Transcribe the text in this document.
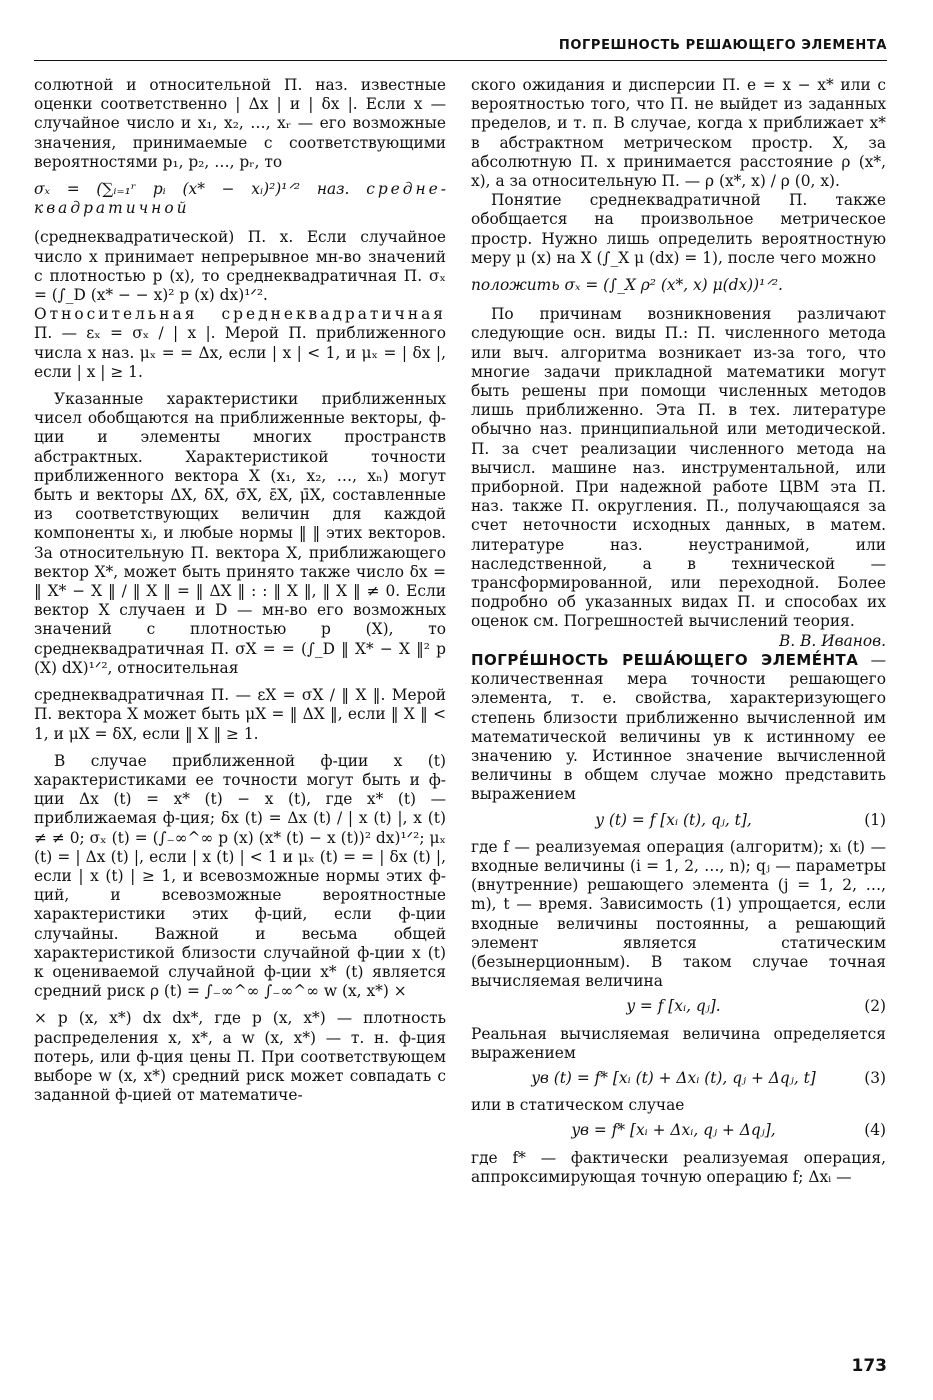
ПОГРЕШНОСТЬ РЕШАЮЩЕГО ЭЛЕМЕНТА

солютной и относительной П. наз. известные оценки соответственно | Δx | и | δx |. Если x — случайное число и x₁, x₂, …, xᵣ — его возможные значения, принимаемые с соответствующими вероятностями p₁, p₂, …, pᵣ, то

σₓ = (∑ᵢ₌₁ʳ pᵢ (x* − xᵢ)²)¹ᐟ² наз. среднеквадратичной

(среднеквадратической) П. x. Если случайное число x принимает непрерывное мн-во значений с плотностью p (x), то среднеквадратичная П. σₓ = (∫_D (x* − − x)² p (x) dx)¹ᐟ².

Относительная среднеквадратичная П. — εₓ = σₓ / | x |. Мерой П. приближенного числа x наз. μₓ = = Δx, если | x | < 1, и μₓ = | δx |, если | x | ≥ 1.

Указанные характеристики приближенных чисел обобщаются на приближенные векторы, ф-ции и элементы многих пространств абстрактных. Характеристикой точности приближенного вектора X (x₁, x₂, …, xₙ) могут быть и векторы ΔX, δX, σ̄X, ε̄X, μ̄X, составленные из соответствующих величин для каждой компоненты xᵢ, и любые нормы ‖ ‖ этих векторов. За относительную П. вектора X, приближающего вектор X*, может быть принято также число δx = ‖ X* − X ‖ / ‖ X ‖ = ‖ ΔX ‖ : : ‖ X ‖, ‖ X ‖ ≠ 0. Если вектор X случаен и D — мн-во его возможных значений с плотностью p (X), то среднеквадратичная П. σX = = (∫_D ‖ X* − X ‖² p (X) dX)¹ᐟ², относительная

среднеквадратичная П. — εX = σX / ‖ X ‖. Мерой П. вектора X может быть μX = ‖ ΔX ‖, если ‖ X ‖ < 1, и μX = δX, если ‖ X ‖ ≥ 1.

В случае приближенной ф-ции x (t) характеристиками ее точности могут быть и ф-ции Δx (t) = x* (t) − x (t), где x* (t) — приближаемая ф-ция; δx (t) = Δx (t) / | x (t) |, x (t) ≠ ≠ 0; σₓ (t) = (∫₋∞^∞ p (x) (x* (t) − x (t))² dx)¹ᐟ²; μₓ (t) = | Δx (t) |, если | x (t) | < 1 и μₓ (t) = = | δx (t) |, если | x (t) | ≥ 1, и всевозможные нормы этих ф-ций, и всевозможные вероятностные характеристики этих ф-ций, если ф-ции случайны. Важной и весьма общей характеристикой близости случайной ф-ции x (t) к оцениваемой случайной ф-ции x* (t) является средний риск ρ (t) = ∫₋∞^∞ ∫₋∞^∞ w (x, x*) ×

× p (x, x*) dx dx*, где p (x, x*) — плотность распределения x, x*, а w (x, x*) — т. н. ф-ция потерь, или ф-ция цены П. При соответствующем выборе w (x, x*) средний риск может совпадать с заданной ф-цией от математиче-

ского ожидания и дисперсии П. e = x − x* или с вероятностью того, что П. не выйдет из заданных пределов, и т. п. В случае, когда x приближает x* в абстрактном метрическом простр. X, за абсолютную П. x принимается расстояние ρ (x*, x), а за относительную П. — ρ (x*, x) / ρ (0, x).

Понятие среднеквадратичной П. также обобщается на произвольное метрическое простр. Нужно лишь определить вероятностную меру μ (x) на X (∫_X μ (dx) = 1), после чего можно

положить σₓ = (∫_X ρ² (x*, x) μ(dx))¹ᐟ².

По причинам возникновения различают следующие осн. виды П.: П. численного метода или выч. алгоритма возникает из-за того, что многие задачи прикладной математики могут быть решены при помощи численных методов лишь приближенно. Эта П. в тех. литературе обычно наз. принципиальной или методической. П. за счет реализации численного метода на вычисл. машине наз. инструментальной, или приборной. При надежной работе ЦВМ эта П. наз. также П. округления. П., получающаяся за счет неточности исходных данных, в матем. литературе наз. неустранимой, или наследственной, а в технической — трансформированной, или переходной. Более подробно об указанных видах П. и способах их оценок см. Погрешностей вычислений теория.

В. В. Иванов.

ПОГРЕ́ШНОСТЬ РЕША́ЮЩЕГО ЭЛЕМЕ́НТА — количественная мера точности решающего элемента, т. е. свойства, характеризующего степень близости приближенно вычисленной им математической величины yв к истинному ее значению y. Истинное значение вычисленной величины в общем случае можно представить выражением

y (t) = f [xᵢ (t), qⱼ, t],	(1)

где f — реализуемая операция (алгоритм); xᵢ (t) — входные величины (i = 1, 2, …, n); qⱼ — параметры (внутренние) решающего элемента (j = 1, 2, …, m), t — время. Зависимость (1) упрощается, если входные величины постоянны, а решающий элемент является статическим (безынерционным). В таком случае точная вычисляемая величина

y = f [xᵢ, qⱼ].	(2)

Реальная вычисляемая величина определяется выражением

yв (t) = f* [xᵢ (t) + Δxᵢ (t), qⱼ + Δqⱼ, t]	(3)

или в статическом случае

yв = f* [xᵢ + Δxᵢ, qⱼ + Δqⱼ],	(4)

где f* — фактически реализуемая операция, аппроксимирующая точную операцию f; Δxᵢ —

173
